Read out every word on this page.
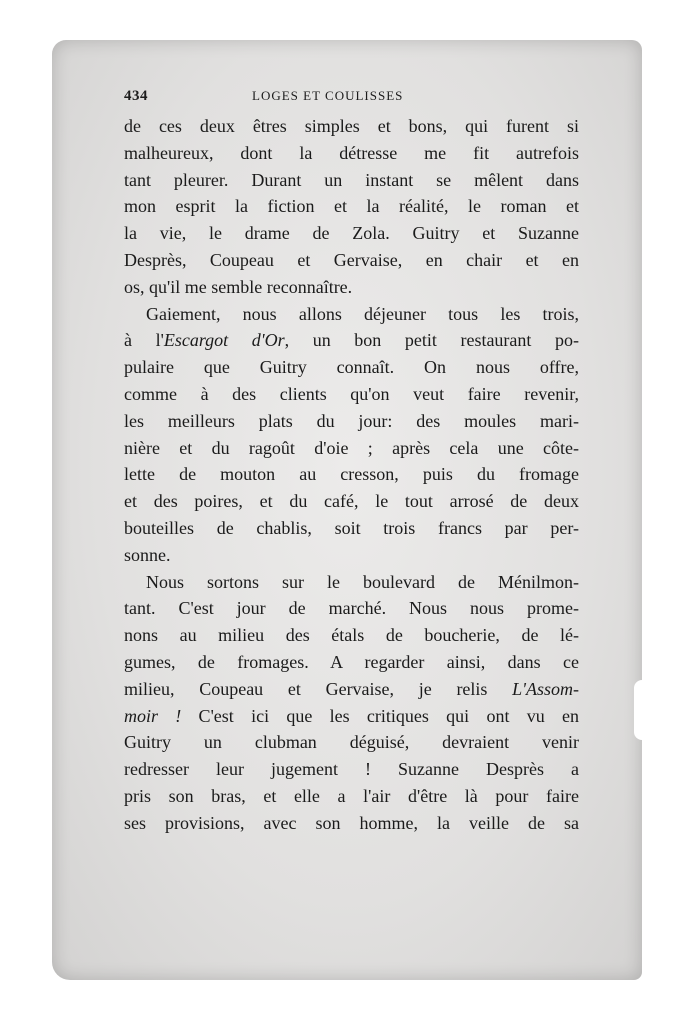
434	LOGES ET COULISSES
de ces deux êtres simples et bons, qui furent si
malheureux, dont la détresse me fit autrefois
tant pleurer. Durant un instant se mêlent dans
mon esprit la fiction et la réalité, le roman et
la vie, le drame de Zola. Guitry et Suzanne
Desprès, Coupeau et Gervaise, en chair et en
os, qu'il me semble reconnaître.
Gaiement, nous allons déjeuner tous les trois,
à l'Escargot d'Or, un bon petit restaurant po-
pulaire que Guitry connaît. On nous offre,
comme à des clients qu'on veut faire revenir,
les meilleurs plats du jour: des moules mari-
nière et du ragoût d'oie ; après cela une côte-
lette de mouton au cresson, puis du fromage
et des poires, et du café, le tout arrosé de deux
bouteilles de chablis, soit trois francs par per-
sonne.
Nous sortons sur le boulevard de Ménilmon-
tant. C'est jour de marché. Nous nous prome-
nons au milieu des étals de boucherie, de lé-
gumes, de fromages. A regarder ainsi, dans ce
milieu, Coupeau et Gervaise, je relis L'Assom-
moir ! C'est ici que les critiques qui ont vu en
Guitry un clubman déguisé, devraient venir
redresser leur jugement ! Suzanne Desprès a
pris son bras, et elle a l'air d'être là pour faire
ses provisions, avec son homme, la veille de sa
